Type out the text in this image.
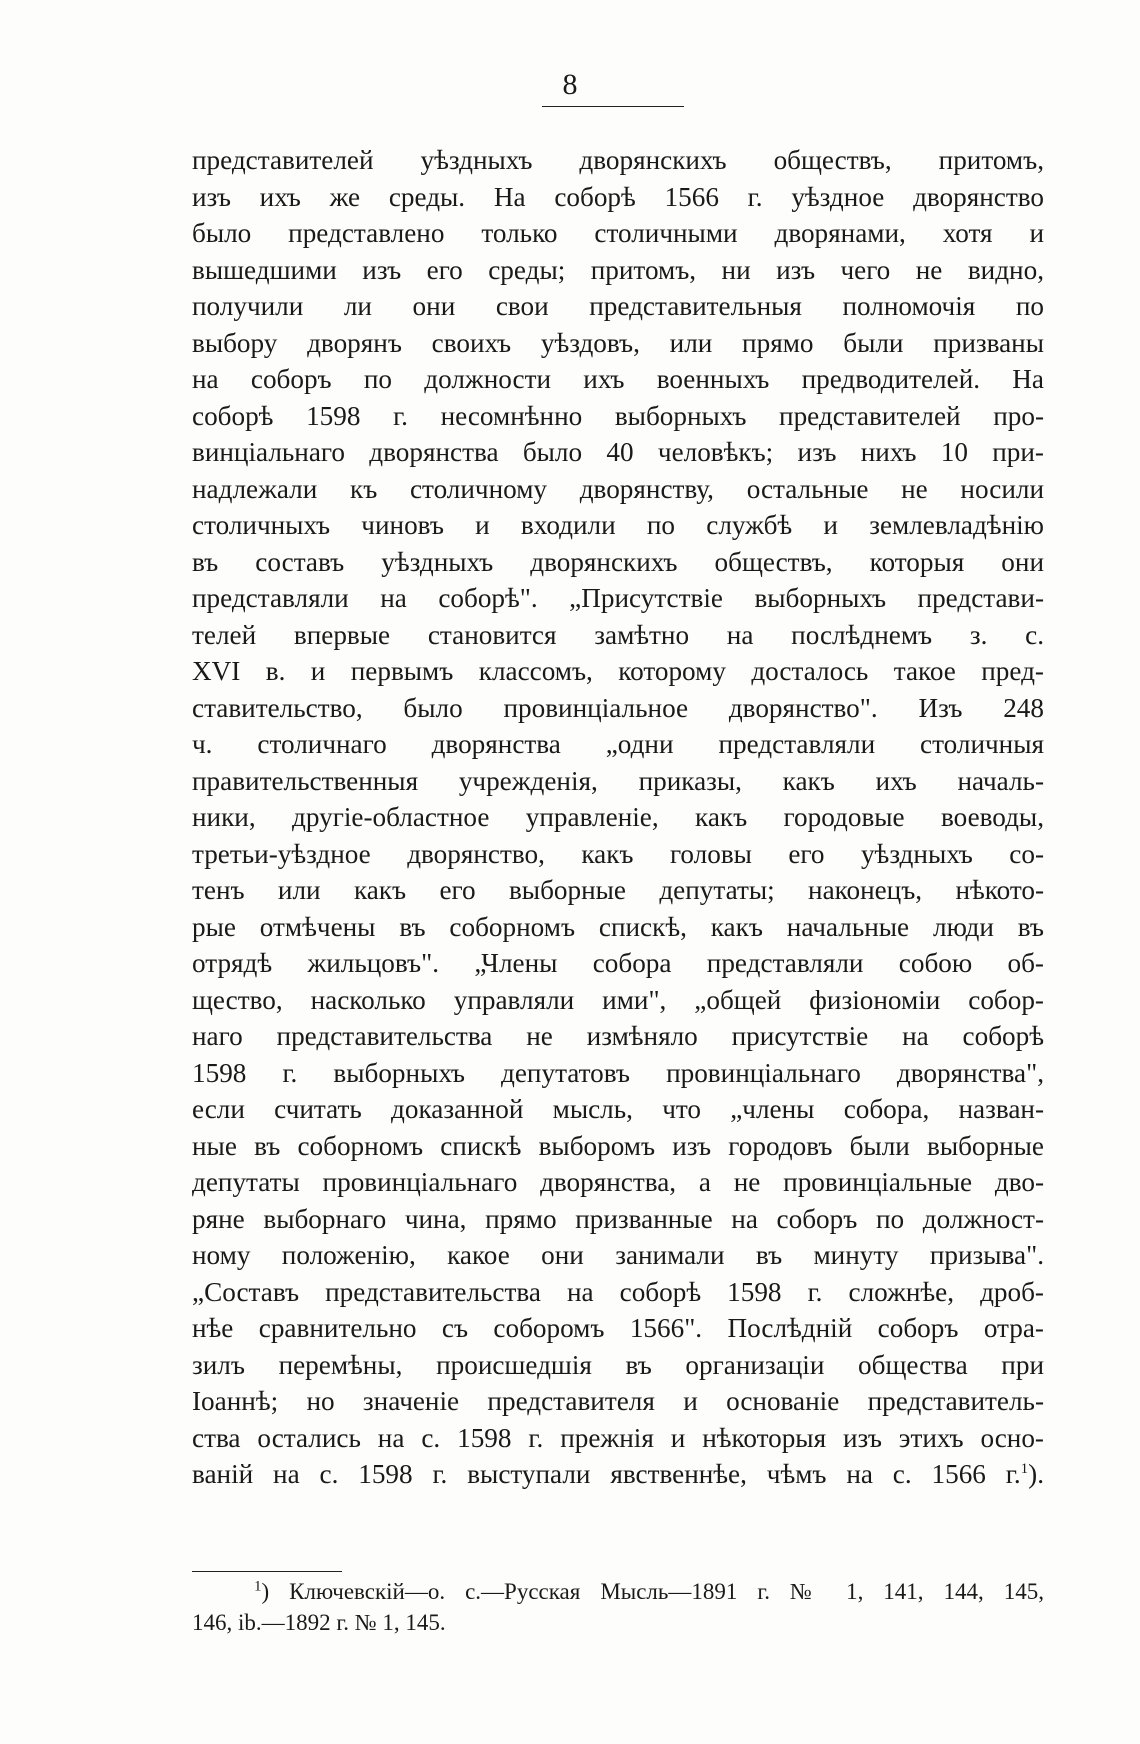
8
представителей уѣздныхъ дворянскихъ обществъ, притомъ,
изъ ихъ же среды. На соборѣ 1566 г. уѣздное дворянство
было представлено только столичными дворянами, хотя и
вышедшими изъ его среды; притомъ, ни изъ чего не видно,
получили ли они свои представительныя полномочія по
выбору дворянъ своихъ уѣздовъ, или прямо были призваны
на соборъ по должности ихъ военныхъ предводителей. На
соборѣ 1598 г. несомнѣнно выборныхъ представителей про-
винціальнаго дворянства было 40 человѣкъ; изъ нихъ 10 при-
надлежали къ столичному дворянству, остальные не носили
столичныхъ чиновъ и входили по службѣ и землевладѣнію
въ составъ уѣздныхъ дворянскихъ обществъ, которыя они
представляли на соборѣ". „Присутствіе выборныхъ представи-
телей впервые становится замѣтно на послѣднемъ з. с.
XVI в. и первымъ классомъ, которому досталось такое пред-
ставительство, было провинціальное дворянство". Изъ 248
ч. столичнаго дворянства „одни представляли столичныя
правительственныя учрежденія, приказы, какъ ихъ началь-
ники, другіе-областное управленіе, какъ городовые воеводы,
третьи-уѣздное дворянство, какъ головы его уѣздныхъ со-
тенъ или какъ его выборные депутаты; наконецъ, нѣкото-
рые отмѣчены въ соборномъ спискѣ, какъ начальные люди въ
отрядѣ жильцовъ". „Члены собора представляли собою об-
щество, насколько управляли ими", „общей физіономіи собор-
наго представительства не измѣняло присутствіе на соборѣ
1598 г. выборныхъ депутатовъ провинціальнаго дворянства",
если считать доказанной мысль, что „члены собора, назван-
ные въ соборномъ спискѣ выборомъ изъ городовъ были выборные
депутаты провинціальнаго дворянства, а не провинціальные дво-
ряне выборнаго чина, прямо призванные на соборъ по должност-
ному положенію, какое они занимали въ минуту призыва".
„Составъ представительства на соборѣ 1598 г. сложнѣе, дроб-
нѣе сравнительно съ соборомъ 1566". Послѣдній соборъ отра-
зилъ перемѣны, происшедшія въ организаціи общества при
Іоаннѣ; но значеніе представителя и основаніе представитель-
ства остались на с. 1598 г. прежнія и нѣкоторыя изъ этихъ осно-
ваній на с. 1598 г. выступали явственнѣе, чѣмъ на с. 1566 г.$^1$).
$^1$) Ключевскій—о. с.—Русская Мысль—1891 г. № 1, 141, 144, 145,
146, ib.—1892 г. № 1, 145.
